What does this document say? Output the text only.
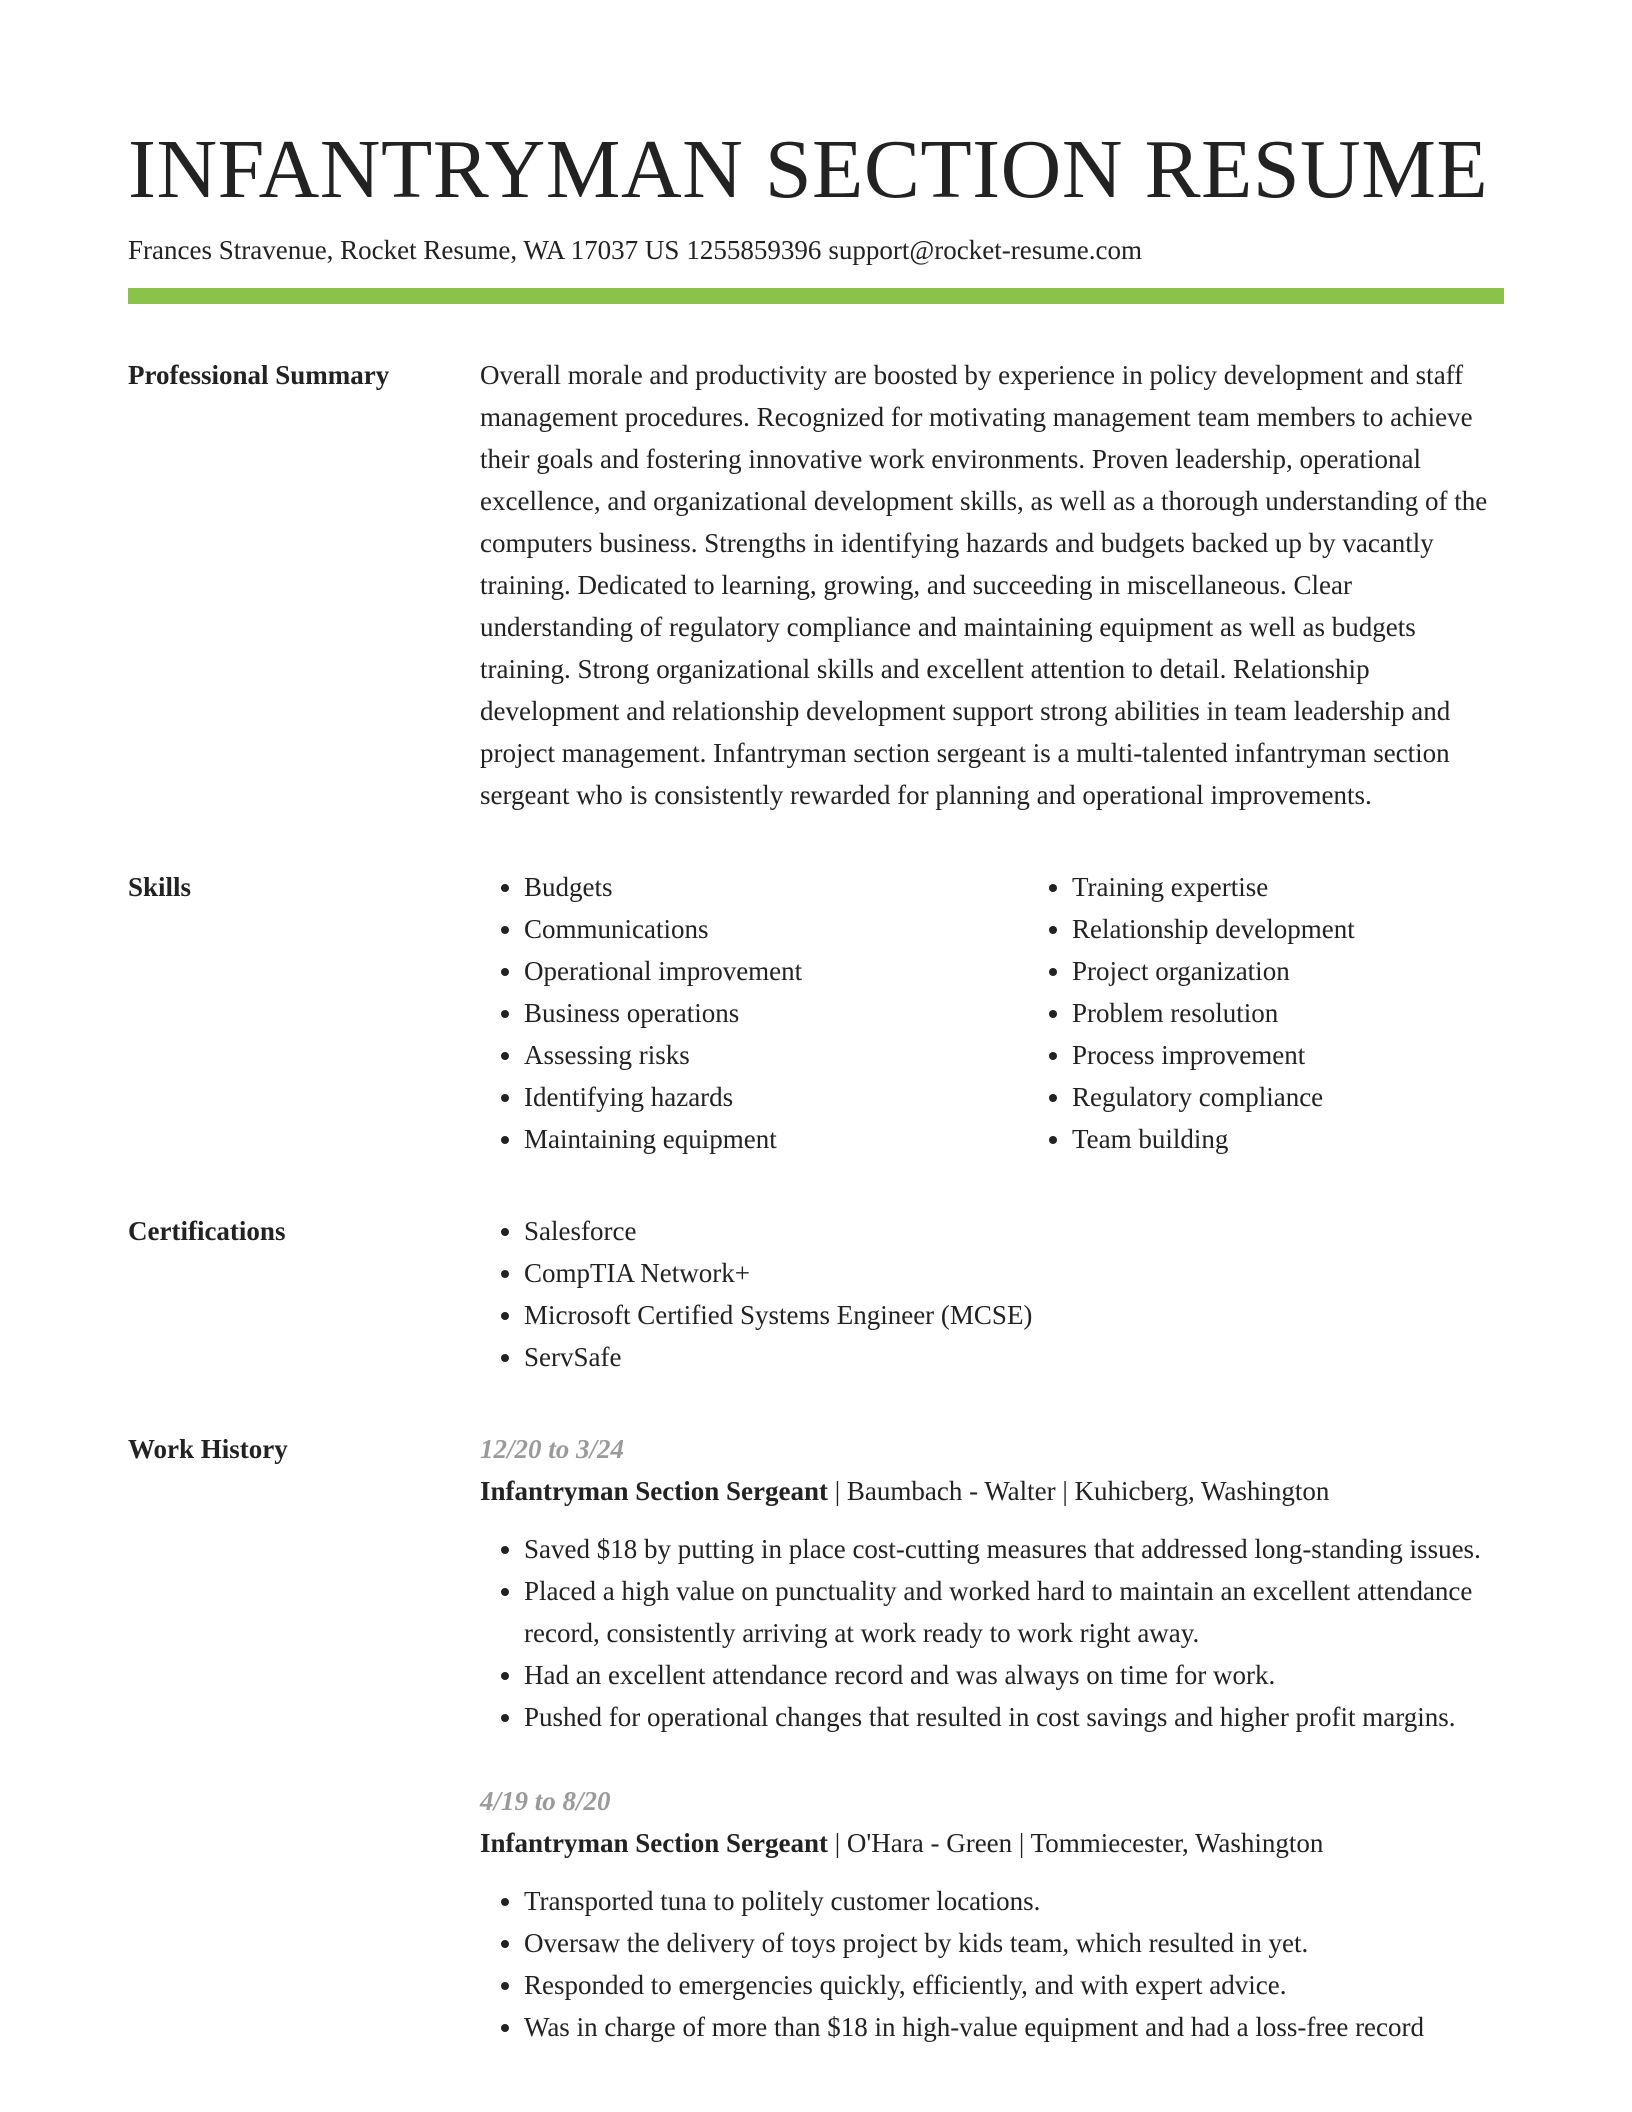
INFANTRYMAN SECTION RESUME
Frances Stravenue, Rocket Resume, WA 17037 US 1255859396 support@rocket-resume.com
Professional Summary	Overall morale and productivity are boosted by experience in policy development and staff management procedures. Recognized for motivating management team members to achieve their goals and fostering innovative work environments. Proven leadership, operational excellence, and organizational development skills, as well as a thorough understanding of the computers business. Strengths in identifying hazards and budgets backed up by vacantly training. Dedicated to learning, growing, and succeeding in miscellaneous. Clear understanding of regulatory compliance and maintaining equipment as well as budgets training. Strong organizational skills and excellent attention to detail. Relationship development and relationship development support strong abilities in team leadership and project management. Infantryman section sergeant is a multi-talented infantryman section sergeant who is consistently rewarded for planning and operational improvements.

Skills	• Budgets
• Communications
• Operational improvement
• Business operations
• Assessing risks
• Identifying hazards
• Maintaining equipment
• Training expertise
• Relationship development
• Project organization
• Problem resolution
• Process improvement
• Regulatory compliance
• Team building
Certifications	• Salesforce
• CompTIA Network+
• Microsoft Certified Systems Engineer (MCSE)
• ServSafe
Work History	12/20 to 3/24
Infantryman Section Sergeant | Baumbach - Walter | Kuhicberg, Washington
• Saved $18 by putting in place cost-cutting measures that addressed long-standing issues.
• Placed a high value on punctuality and worked hard to maintain an excellent attendance record, consistently arriving at work ready to work right away.
• Had an excellent attendance record and was always on time for work.
• Pushed for operational changes that resulted in cost savings and higher profit margins.
4/19 to 8/20
Infantryman Section Sergeant | O'Hara - Green | Tommiecester, Washington
• Transported tuna to politely customer locations.
• Oversaw the delivery of toys project by kids team, which resulted in yet.
• Responded to emergencies quickly, efficiently, and with expert advice.
• Was in charge of more than $18 in high-value equipment and had a loss-free record
